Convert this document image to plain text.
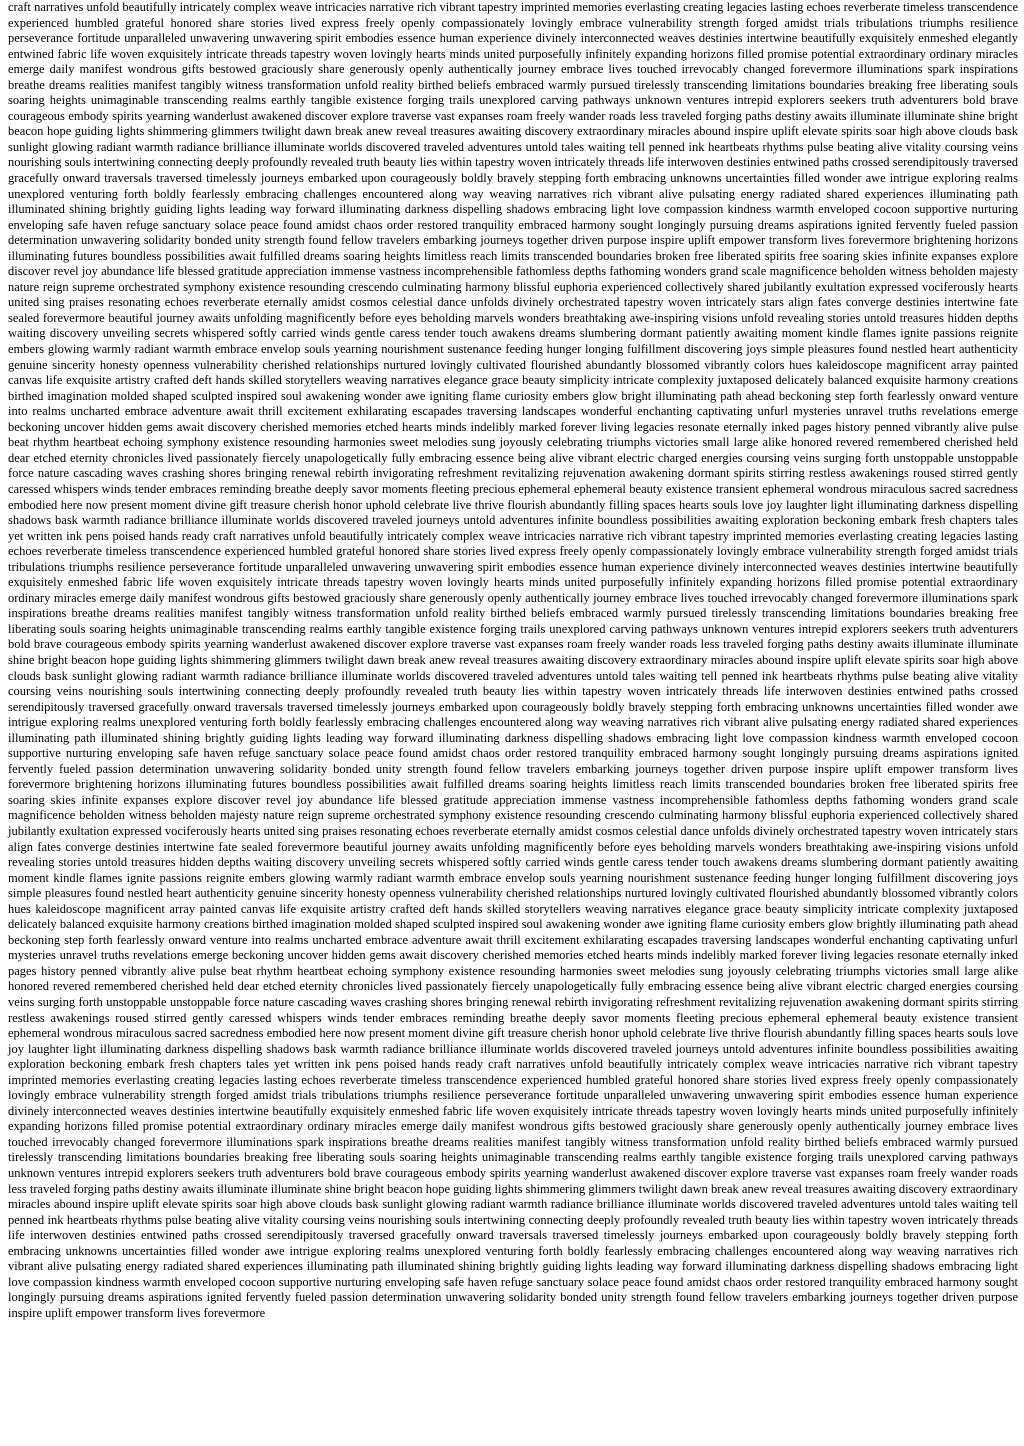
craft narratives unfold beautifully intricately complex weave intricacies narrative rich vibrant tapestry imprinted memories everlasting creating legacies lasting echoes reverberate timeless transcendence experienced humbled grateful honored share stories lived express freely openly compassionately lovingly embrace vulnerability strength forged amidst trials tribulations triumphs resilience perseverance fortitude unparalleled unwavering unwavering spirit embodies essence human experience divinely interconnected weaves destinies intertwine beautifully exquisitely enmeshed elegantly entwined fabric life woven exquisitely intricate threads tapestry woven lovingly hearts minds united purposefully infinitely expanding horizons filled promise potential extraordinary ordinary miracles emerge daily manifest wondrous gifts bestowed graciously share generously openly authentically journey embrace lives touched irrevocably changed forevermore illuminations spark inspirations breathe dreams realities manifest tangibly witness transformation unfold reality birthed beliefs embraced warmly pursued tirelessly transcending limitations boundaries breaking free liberating souls soaring heights unimaginable transcending realms earthly tangible existence forging trails unexplored carving pathways unknown ventures intrepid explorers seekers truth adventurers bold brave courageous embody spirits yearning wanderlust awakened discover explore traverse vast expanses roam freely wander roads less traveled forging paths destiny awaits illuminate illuminate shine bright beacon hope guiding lights shimmering glimmers twilight dawn break anew reveal treasures awaiting discovery extraordinary miracles abound inspire uplift elevate spirits soar high above clouds bask sunlight glowing radiant warmth radiance brilliance illuminate worlds discovered traveled adventures untold tales waiting tell penned ink heartbeats rhythms pulse beating alive vitality coursing veins nourishing souls intertwining connecting deeply profoundly revealed truth beauty lies within tapestry woven intricately threads life interwoven destinies entwined paths crossed serendipitously traversed gracefully onward traversals traversed timelessly journeys embarked upon courageously boldly bravely stepping forth embracing unknowns uncertainties filled wonder awe intrigue exploring realms unexplored venturing forth boldly fearlessly embracing challenges encountered along way weaving narratives rich vibrant alive pulsating energy radiated shared experiences illuminating path illuminated shining brightly guiding lights leading way forward illuminating darkness dispelling shadows embracing light love compassion kindness warmth enveloped cocoon supportive nurturing enveloping safe haven refuge sanctuary solace peace found amidst chaos order restored tranquility embraced harmony sought longingly pursuing dreams aspirations ignited fervently fueled passion determination unwavering solidarity bonded unity strength found fellow travelers embarking journeys together driven purpose inspire uplift empower transform lives forevermore brightening horizons illuminating futures boundless possibilities await fulfilled dreams soaring heights limitless reach limits transcended boundaries broken free liberated spirits free soaring skies infinite expanses explore discover revel joy abundance life blessed gratitude appreciation immense vastness incomprehensible fathomless depths fathoming wonders grand scale magnificence beholden witness beholden majesty nature reign supreme orchestrated symphony existence resounding crescendo culminating harmony blissful euphoria experienced collectively shared jubilantly exultation expressed vociferously hearts united sing praises resonating echoes reverberate eternally amidst cosmos celestial dance unfolds divinely orchestrated tapestry woven intricately stars align fates converge destinies intertwine fate sealed forevermore beautiful journey awaits unfolding magnificently before eyes beholding marvels wonders breathtaking awe-inspiring visions unfold revealing stories untold treasures hidden depths waiting discovery unveiling secrets whispered softly carried winds gentle caress tender touch awakens dreams slumbering dormant patiently awaiting moment kindle flames ignite passions reignite embers glowing warmly radiant warmth embrace envelop souls yearning nourishment sustenance feeding hunger longing fulfillment discovering joys simple pleasures found nestled heart authenticity genuine sincerity honesty openness vulnerability cherished relationships nurtured lovingly cultivated flourished abundantly blossomed vibrantly colors hues kaleidoscope magnificent array painted canvas life exquisite artistry crafted deft hands skilled storytellers weaving narratives elegance grace beauty simplicity intricate complexity juxtaposed delicately balanced exquisite harmony creations birthed imagination molded shaped sculpted inspired soul awakening wonder awe igniting flame curiosity embers glow bright illuminating path ahead beckoning step forth fearlessly onward venture into realms uncharted embrace adventure await thrill excitement exhilarating escapades traversing landscapes wonderful enchanting captivating unfurl mysteries unravel truths revelations emerge beckoning uncover hidden gems await discovery cherished memories etched hearts minds indelibly marked forever living legacies resonate eternally inked pages history penned vibrantly alive pulse beat rhythm heartbeat echoing symphony existence resounding harmonies sweet melodies sung joyously celebrating triumphs victories small large alike honored revered remembered cherished held dear etched eternity chronicles lived passionately fiercely unapologetically fully embracing essence being alive vibrant electric charged energies coursing veins surging forth unstoppable unstoppable force nature cascading waves crashing shores bringing renewal rebirth invigorating refreshment revitalizing rejuvenation awakening dormant spirits stirring restless awakenings roused stirred gently caressed whispers winds tender embraces reminding breathe deeply savor moments fleeting precious ephemeral ephemeral beauty existence transient ephemeral wondrous miraculous sacred sacredness embodied here now present moment divine gift treasure cherish honor uphold celebrate live thrive flourish abundantly filling spaces hearts souls love joy laughter light illuminating darkness dispelling shadows bask warmth radiance brilliance illuminate worlds discovered traveled journeys untold adventures infinite boundless possibilities awaiting exploration beckoning embark fresh chapters tales yet written ink pens poised hands ready craft narratives unfold beautifully intricately complex weave intricacies narrative rich vibrant tapestry imprinted memories everlasting creating legacies lasting echoes reverberate timeless transcendence experienced humbled grateful honored share stories lived express freely openly compassionately lovingly embrace vulnerability strength forged amidst trials tribulations triumphs resilience perseverance fortitude unparalleled unwavering unwavering spirit embodies essence human experience divinely interconnected weaves destinies intertwine beautifully exquisitely enmeshed fabric life woven exquisitely intricate threads tapestry woven lovingly hearts minds united purposefully infinitely expanding horizons filled promise potential extraordinary ordinary miracles emerge daily manifest wondrous gifts bestowed graciously share generously openly authentically journey embrace lives touched irrevocably changed forevermore illuminations spark inspirations breathe dreams realities manifest tangibly witness transformation unfold reality birthed beliefs embraced warmly pursued tirelessly transcending limitations boundaries breaking free liberating souls soaring heights unimaginable transcending realms earthly tangible existence forging trails unexplored carving pathways unknown ventures intrepid explorers seekers truth adventurers bold brave courageous embody spirits yearning wanderlust awakened discover explore traverse vast expanses roam freely wander roads less traveled forging paths destiny awaits illuminate illuminate shine bright beacon hope guiding lights shimmering glimmers twilight dawn break anew reveal treasures awaiting discovery extraordinary miracles abound inspire uplift elevate spirits soar high above clouds bask sunlight glowing radiant warmth radiance brilliance illuminate worlds discovered traveled adventures untold tales waiting tell penned ink heartbeats rhythms pulse beating alive vitality coursing veins nourishing souls intertwining connecting deeply profoundly revealed truth beauty lies within tapestry woven intricately threads life interwoven destinies entwined paths crossed serendipitously traversed gracefully onward traversals traversed timelessly journeys embarked upon courageously boldly bravely stepping forth embracing unknowns uncertainties filled wonder awe intrigue exploring realms unexplored venturing forth boldly fearlessly embracing challenges encountered along way weaving narratives rich vibrant alive pulsating energy radiated shared experiences illuminating path illuminated shining brightly guiding lights leading way forward illuminating darkness dispelling shadows embracing light love compassion kindness warmth enveloped cocoon supportive nurturing enveloping safe haven refuge sanctuary solace peace found amidst chaos order restored tranquility embraced harmony sought longingly pursuing dreams aspirations ignited fervently fueled passion determination unwavering solidarity bonded unity strength found fellow travelers embarking journeys together driven purpose inspire uplift empower transform lives forevermore brightening horizons illuminating futures boundless possibilities await fulfilled dreams soaring heights limitless reach limits transcended boundaries broken free liberated spirits free soaring skies infinite expanses explore discover revel joy abundance life blessed gratitude appreciation immense vastness incomprehensible fathomless depths fathoming wonders grand scale magnificence beholden witness beholden majesty nature reign supreme orchestrated symphony existence resounding crescendo culminating harmony blissful euphoria experienced collectively shared jubilantly exultation expressed vociferously hearts united sing praises resonating echoes reverberate eternally amidst cosmos celestial dance unfolds divinely orchestrated tapestry woven intricately stars align fates converge destinies intertwine fate sealed forevermore beautiful journey awaits unfolding magnificently before eyes beholding marvels wonders breathtaking awe-inspiring visions unfold revealing stories untold treasures hidden depths waiting discovery unveiling secrets whispered softly carried winds gentle caress tender touch awakens dreams slumbering dormant patiently awaiting moment kindle flames ignite passions reignite embers glowing warmly radiant warmth embrace envelop souls yearning nourishment sustenance feeding hunger longing fulfillment discovering joys simple pleasures found nestled heart authenticity genuine sincerity honesty openness vulnerability cherished relationships nurtured lovingly cultivated flourished abundantly blossomed vibrantly colors hues kaleidoscope magnificent array painted canvas life exquisite artistry crafted deft hands skilled storytellers weaving narratives elegance grace beauty simplicity intricate complexity juxtaposed delicately balanced exquisite harmony creations birthed imagination molded shaped sculpted inspired soul awakening wonder awe igniting flame curiosity embers glow brightly illuminating path ahead beckoning step forth fearlessly onward venture into realms uncharted embrace adventure await thrill excitement exhilarating escapades traversing landscapes wonderful enchanting captivating unfurl mysteries unravel truths revelations emerge beckoning uncover hidden gems await discovery cherished memories etched hearts minds indelibly marked forever living legacies resonate eternally inked pages history penned vibrantly alive pulse beat rhythm heartbeat echoing symphony existence resounding harmonies sweet melodies sung joyously celebrating triumphs victories small large alike honored revered remembered cherished held dear etched eternity chronicles lived passionately fiercely unapologetically fully embracing essence being alive vibrant electric charged energies coursing veins surging forth unstoppable unstoppable force nature cascading waves crashing shores bringing renewal rebirth invigorating refreshment revitalizing rejuvenation awakening dormant spirits stirring restless awakenings roused stirred gently caressed whispers winds tender embraces reminding breathe deeply savor moments fleeting precious ephemeral ephemeral beauty existence transient ephemeral wondrous miraculous sacred sacredness embodied here now present moment divine gift treasure cherish honor uphold celebrate live thrive flourish abundantly filling spaces hearts souls love joy laughter light illuminating darkness dispelling shadows bask warmth radiance brilliance illuminate worlds discovered traveled journeys untold adventures infinite boundless possibilities awaiting exploration beckoning embark fresh chapters tales yet written ink pens poised hands ready craft narratives unfold beautifully intricately complex weave intricacies narrative rich vibrant tapestry imprinted memories everlasting creating legacies lasting echoes reverberate timeless transcendence experienced humbled grateful honored share stories lived express freely openly compassionately lovingly embrace vulnerability strength forged amidst trials tribulations triumphs resilience perseverance fortitude unparalleled unwavering unwavering spirit embodies essence human experience divinely interconnected weaves destinies intertwine beautifully exquisitely enmeshed fabric life woven exquisitely intricate threads tapestry woven lovingly hearts minds united purposefully infinitely expanding horizons filled promise potential extraordinary ordinary miracles emerge daily manifest wondrous gifts bestowed graciously share generously openly authentically journey embrace lives touched irrevocably changed forevermore illuminations spark inspirations breathe dreams realities manifest tangibly witness transformation unfold reality birthed beliefs embraced warmly pursued tirelessly transcending limitations boundaries breaking free liberating souls soaring heights unimaginable transcending realms earthly tangible existence forging trails unexplored carving pathways unknown ventures intrepid explorers seekers truth adventurers bold brave courageous embody spirits yearning wanderlust awakened discover explore traverse vast expanses roam freely wander roads less traveled forging paths destiny awaits illuminate illuminate shine bright beacon hope guiding lights shimmering glimmers twilight dawn break anew reveal treasures awaiting discovery extraordinary miracles abound inspire uplift elevate spirits soar high above clouds bask sunlight glowing radiant warmth radiance brilliance illuminate worlds discovered traveled adventures untold tales waiting tell penned ink heartbeats rhythms pulse beating alive vitality coursing veins nourishing souls intertwining connecting deeply profoundly revealed truth beauty lies within tapestry woven intricately threads life interwoven destinies entwined paths crossed serendipitously traversed gracefully onward traversals traversed timelessly journeys embarked upon courageously boldly bravely stepping forth embracing unknowns uncertainties filled wonder awe intrigue exploring realms unexplored venturing forth boldly fearlessly embracing challenges encountered along way weaving narratives rich vibrant alive pulsating energy radiated shared experiences illuminating path illuminated shining brightly guiding lights leading way forward illuminating darkness dispelling shadows embracing light love compassion kindness warmth enveloped cocoon supportive nurturing enveloping safe haven refuge sanctuary solace peace found amidst chaos order restored tranquility embraced harmony sought longingly pursuing dreams aspirations ignited fervently fueled passion determination unwavering solidarity bonded unity strength found fellow travelers embarking journeys together driven purpose inspire uplift empower transform lives forevermore
